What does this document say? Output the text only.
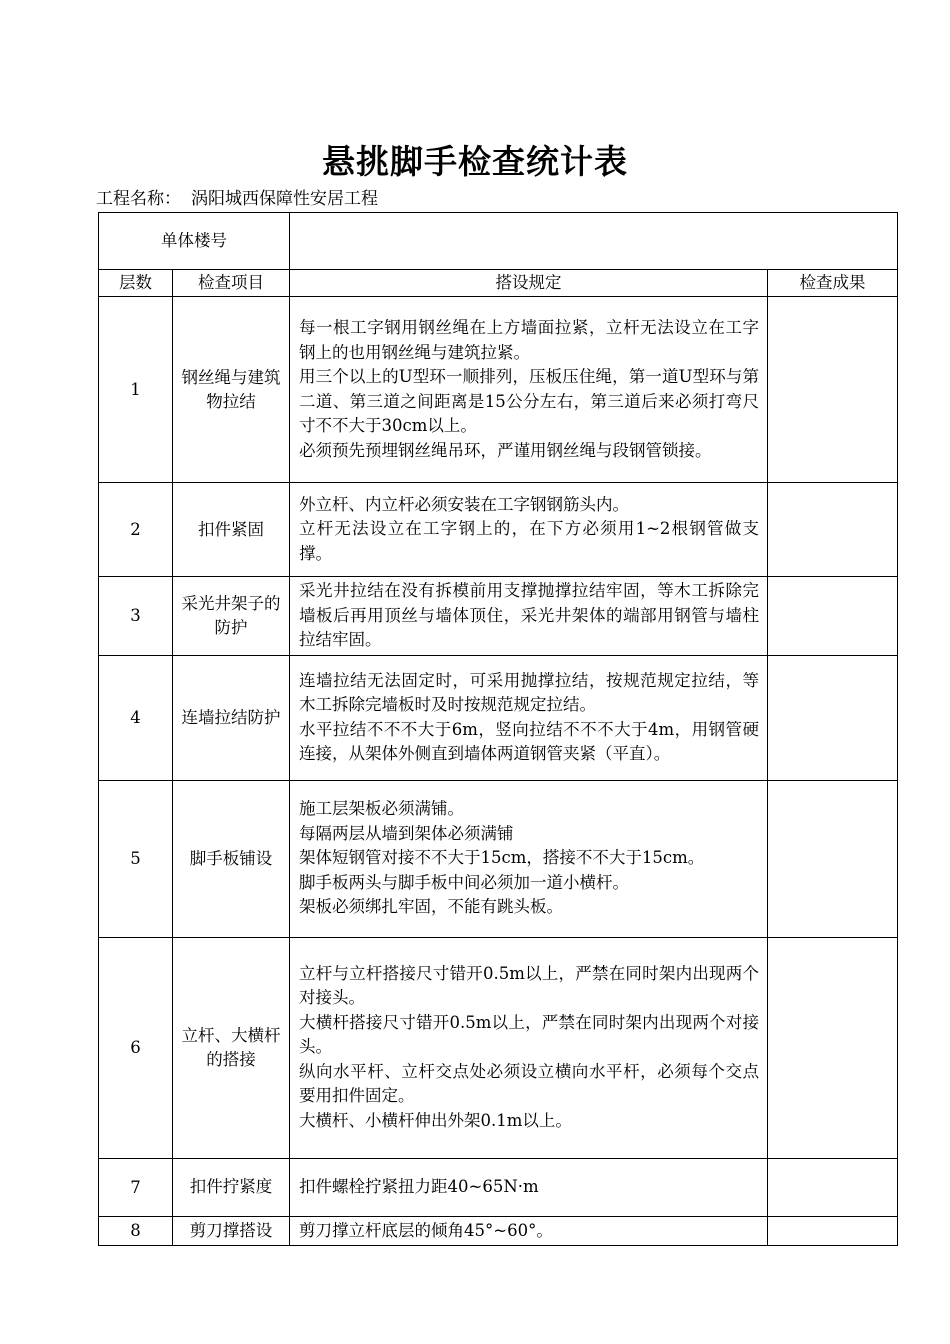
悬挑脚手检查统计表
工程名称： 涡阳城西保障性安居工程
单体楼号			
层数	检查项目	搭设规定	检查成果
1	钢丝绳与建筑物拉结	每一根工字钢用钢丝绳在上方墙面拉紧，立杆无法设立在工字钢上的也用钢丝绳与建筑拉紧。
用三个以上的U型环一顺排列，压板压住绳，第一道U型环与第二道、第三道之间距离是15公分左右，第三道后来必须打弯尺寸不不大于30cm以上。
必须预先预埋钢丝绳吊环，严谨用钢丝绳与段钢管锁接。	

2	扣件紧固	外立杆、内立杆必须安装在工字钢钢筋头内。
立杆无法设立在工字钢上的，在下方必须用1~2根钢管做支撑。	

3	采光井架子的防护	采光井拉结在没有拆模前用支撑抛撑拉结牢固，等木工拆除完墙板后再用顶丝与墙体顶住，采光井架体的端部用钢管与墙柱拉结牢固。	

4	连墙拉结防护	连墙拉结无法固定时，可采用抛撑拉结，按规范规定拉结，等木工拆除完墙板时及时按规范规定拉结。
水平拉结不不不大于6m，竖向拉结不不不大于4m，用钢管硬连接，从架体外侧直到墙体两道钢管夹紧（平直）。	

5	脚手板铺设	施工层架板必须满铺。
每隔两层从墙到架体必须满铺
架体短钢管对接不不大于15cm，搭接不不大于15cm。
脚手板两头与脚手板中间必须加一道小横杆。
架板必须绑扎牢固，不能有跳头板。	

6	立杆、大横杆的搭接	立杆与立杆搭接尺寸错开0.5m以上，严禁在同时架内出现两个对接头。
大横杆搭接尺寸错开0.5m以上，严禁在同时架内出现两个对接头。
纵向水平杆、立杆交点处必须设立横向水平杆，必须每个交点要用扣件固定。
大横杆、小横杆伸出外架0.1m以上。	

7	扣件拧紧度	扣件螺栓拧紧扭力距40~65N·m	

8	剪刀撑搭设	剪刀撑立杆底层的倾角45°~60°。	
